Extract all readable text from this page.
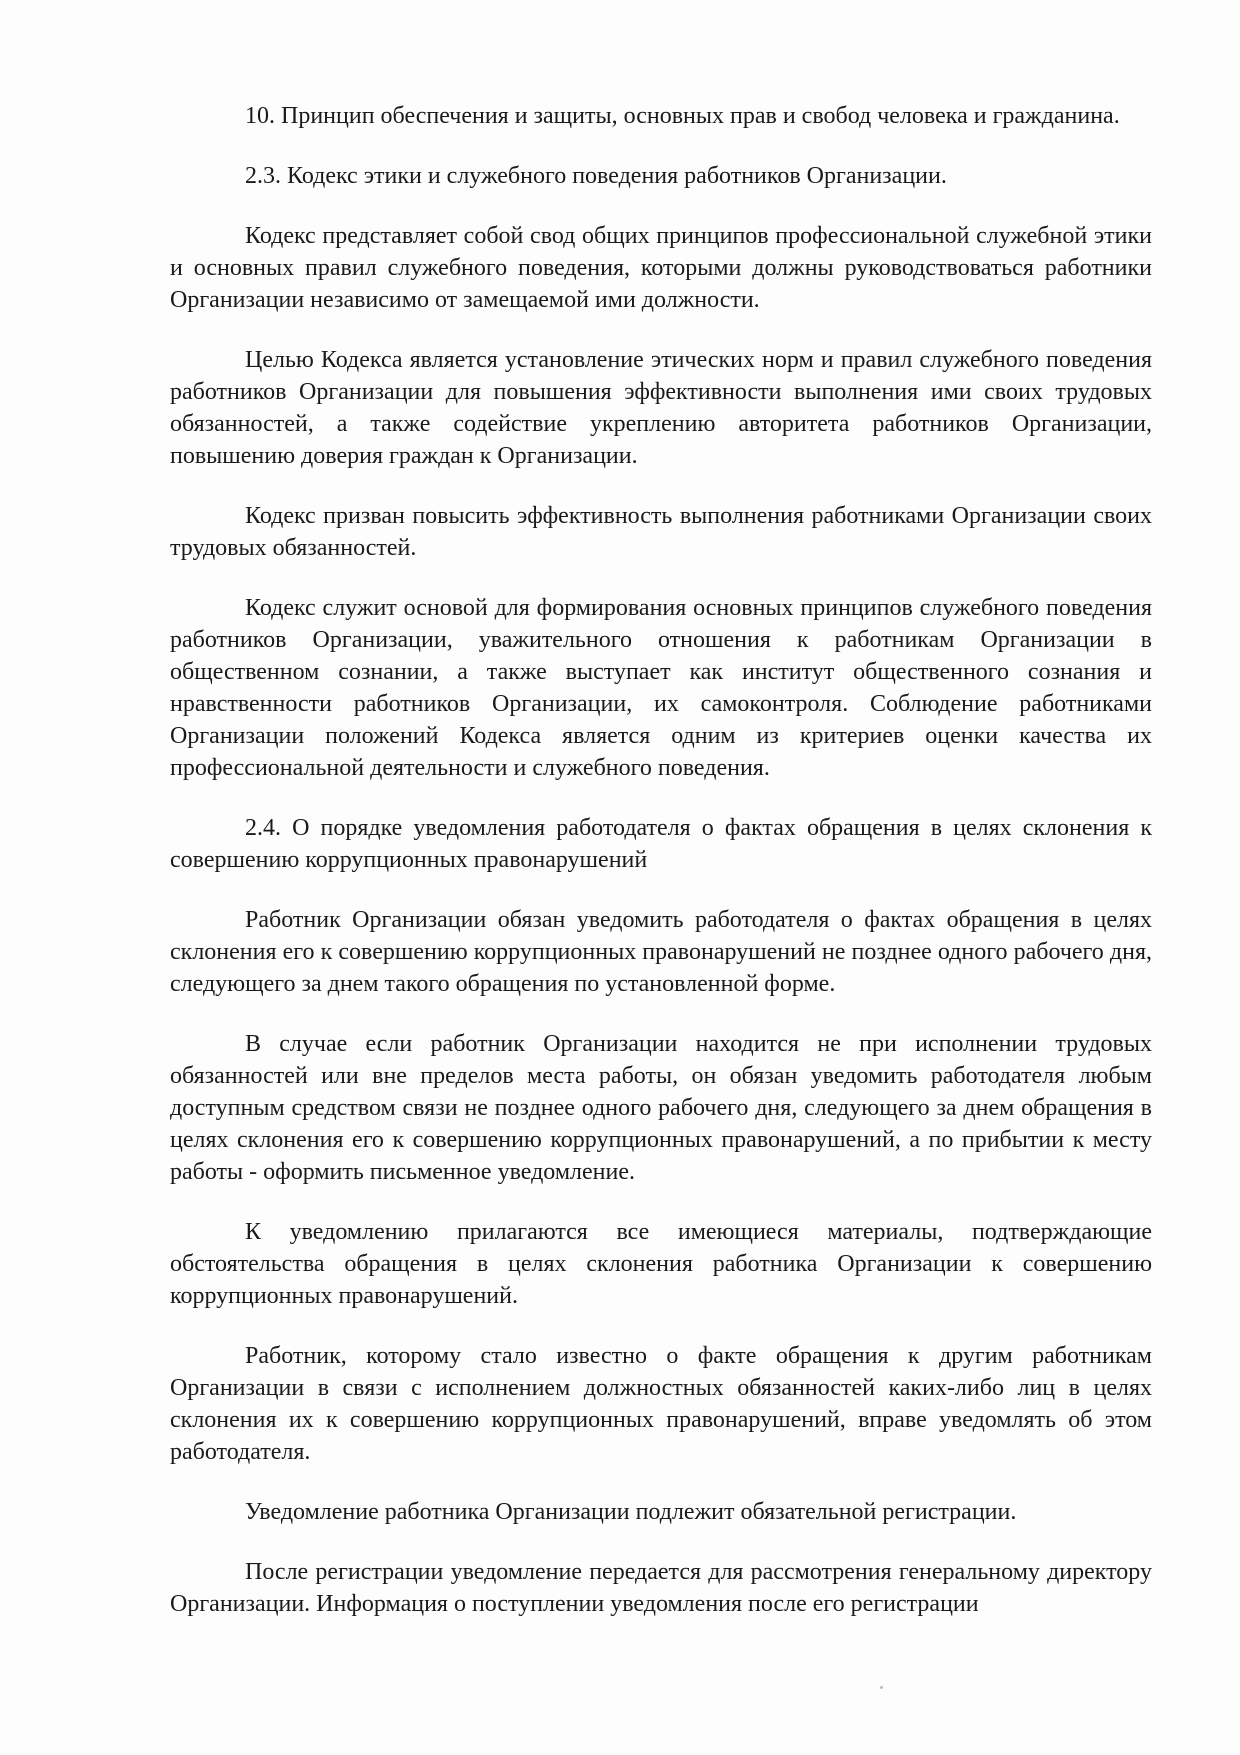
10. Принцип обеспечения и защиты, основных прав и свобод человека и гражданина.

2.3. Кодекс этики и служебного поведения работников Организации.

Кодекс представляет собой свод общих принципов профессиональной служебной этики и основных правил служебного поведения, которыми должны руководствоваться работники Организации независимо от замещаемой ими должности.

Целью Кодекса является установление этических норм и правил служебного поведения работников Организации для повышения эффективности выполнения ими своих трудовых обязанностей, а также содействие укреплению авторитета работников Организации, повышению доверия граждан к Организации.

Кодекс призван повысить эффективность выполнения работниками Организации своих трудовых обязанностей.

Кодекс служит основой для формирования основных принципов служебного поведения работников Организации, уважительного отношения к работникам Организации в общественном сознании, а также выступает как институт общественного сознания и нравственности работников Организации, их самоконтроля. Соблюдение работниками Организации положений Кодекса является одним из критериев оценки качества их профессиональной деятельности и служебного поведения.

2.4. О порядке уведомления работодателя о фактах обращения в целях склонения к совершению коррупционных правонарушений

Работник Организации обязан уведомить работодателя о фактах обращения в целях склонения его к совершению коррупционных правонарушений не позднее одного рабочего дня, следующего за днем такого обращения по установленной форме.

В случае если работник Организации находится не при исполнении трудовых обязанностей или вне пределов места работы, он обязан уведомить работодателя любым доступным средством связи не позднее одного рабочего дня, следующего за днем обращения в целях склонения его к совершению коррупционных правонарушений, а по прибытии к месту работы - оформить письменное уведомление.

К уведомлению прилагаются все имеющиеся материалы, подтверждающие обстоятельства обращения в целях склонения работника Организации к совершению коррупционных правонарушений.

Работник, которому стало известно о факте обращения к другим работникам Организации в связи с исполнением должностных обязанностей каких-либо лиц в целях склонения их к совершению коррупционных правонарушений, вправе уведомлять об этом работодателя.

Уведомление работника Организации подлежит обязательной регистрации.

После регистрации уведомление передается для рассмотрения генеральному директору Организации. Информация о поступлении уведомления после его регистрации
